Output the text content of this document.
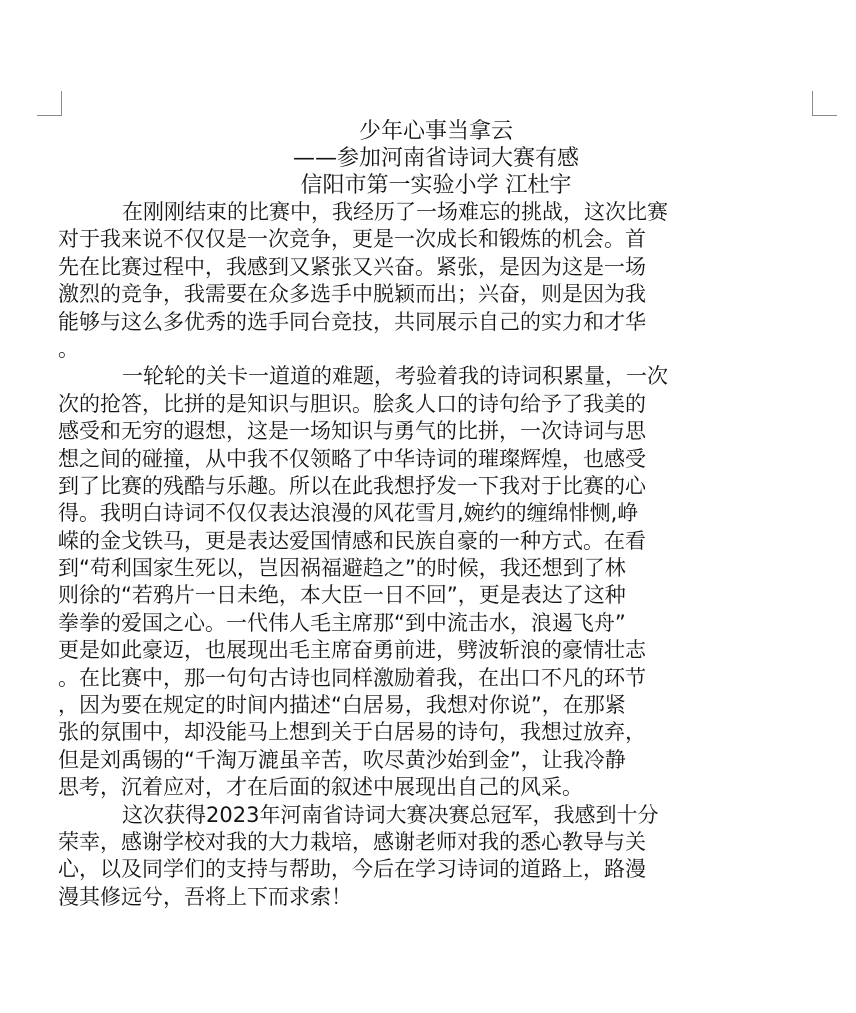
少年心事当拿云
——参加河南省诗词大赛有感
信阳市第一实验小学 江杜宇
在刚刚结束的比赛中，我经历了一场难忘的挑战，这次比赛
对于我来说不仅仅是一次竞争，更是一次成长和锻炼的机会。首
先在比赛过程中，我感到又紧张又兴奋。紧张，是因为这是一场
激烈的竞争，我需要在众多选手中脱颖而出；兴奋，则是因为我
能够与这么多优秀的选手同台竞技，共同展示自己的实力和才华
。
一轮轮的关卡一道道的难题，考验着我的诗词积累量，一次
次的抢答，比拼的是知识与胆识。脍炙人口的诗句给予了我美的
感受和无穷的遐想，这是一场知识与勇气的比拼，一次诗词与思
想之间的碰撞，从中我不仅领略了中华诗词的璀璨辉煌，也感受
到了比赛的残酷与乐趣。所以在此我想抒发一下我对于比赛的心
得。我明白诗词不仅仅表达浪漫的风花雪月,婉约的缠绵悱恻,峥
嵘的金戈铁马，更是表达爱国情感和民族自豪的一种方式。在看
到“苟利国家生死以，岂因祸福避趋之”的时候，我还想到了林
则徐的“若鸦片一日未绝，本大臣一日不回”，更是表达了这种
拳拳的爱国之心。一代伟人毛主席那“到中流击水，浪遏飞舟”
更是如此豪迈，也展现出毛主席奋勇前进，劈波斩浪的豪情壮志
。在比赛中，那一句句古诗也同样激励着我，在出口不凡的环节
，因为要在规定的时间内描述“白居易，我想对你说”，在那紧
张的氛围中，却没能马上想到关于白居易的诗句，我想过放弃，
但是刘禹锡的“千淘万漉虽辛苦，吹尽黄沙始到金”，让我冷静
思考，沉着应对，才在后面的叙述中展现出自己的风采。
这次获得2023年河南省诗词大赛决赛总冠军，我感到十分
荣幸，感谢学校对我的大力栽培，感谢老师对我的悉心教导与关
心，以及同学们的支持与帮助，今后在学习诗词的道路上，路漫
漫其修远兮，吾将上下而求索！
